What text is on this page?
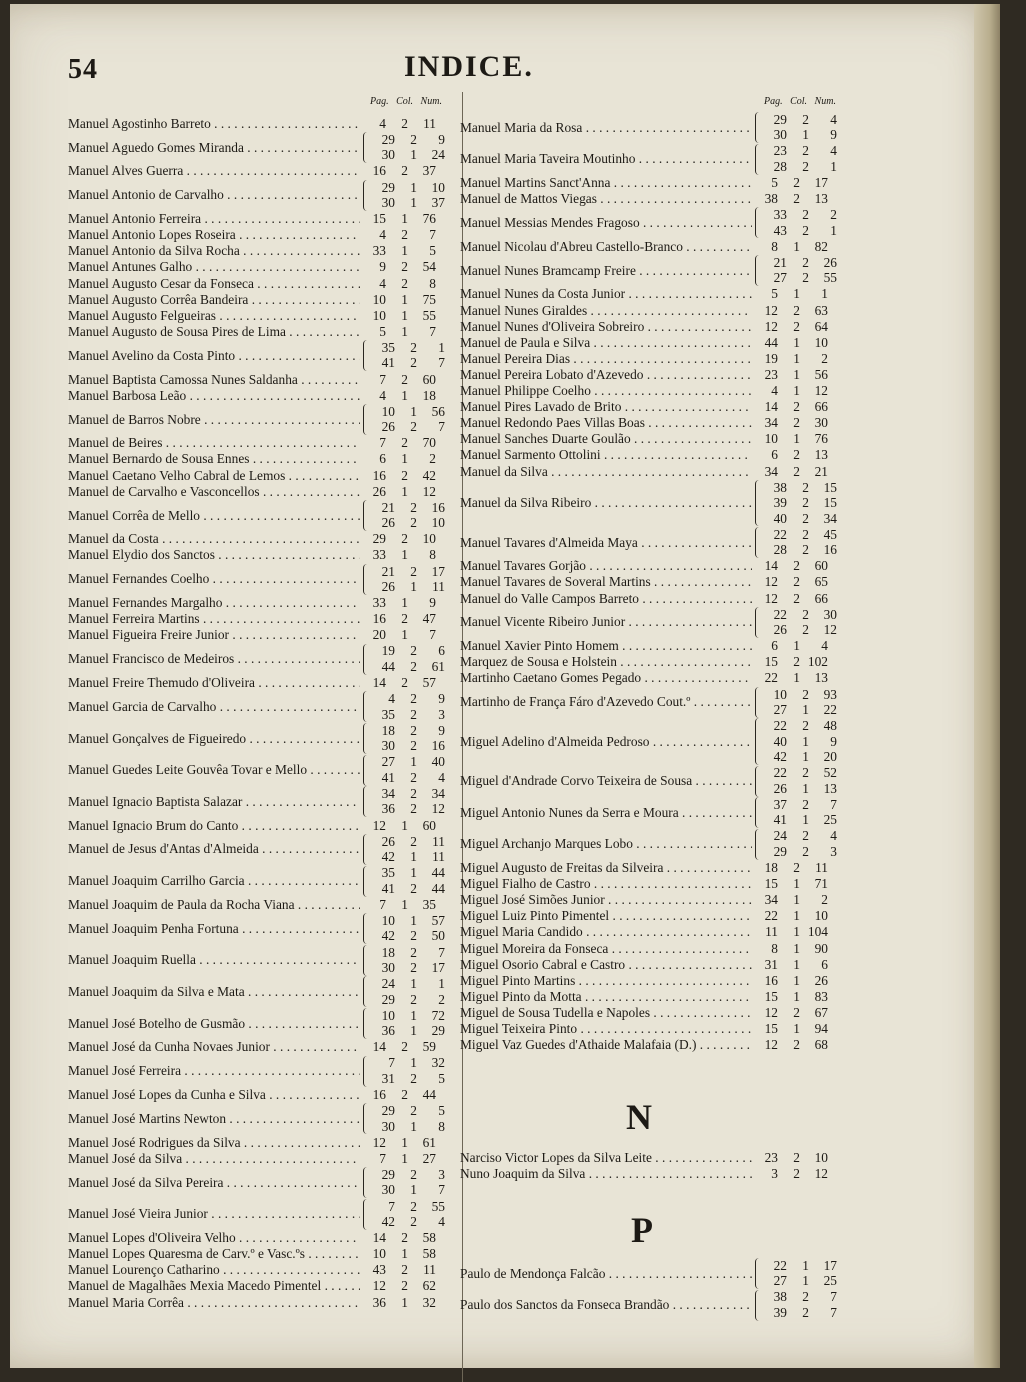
54	INDICE.
Pag. Col. Num.	Pag. Col. Num.
Manuel Agostinho Barreto . . .	4	2	11
Manuel Aguedo Gomes Miranda . . .
29	2	9
30	1	24
Manuel Alves Guerra . . .	16	2	37
Manuel Antonio de Carvalho . . .
29	1	10
30	1	37
Manuel Antonio Ferreira . . .	15	1	76
Manuel Antonio Lopes Roseira . . .	4	2	7
Manuel Antonio da Silva Rocha . . .	33	1	5
Manuel Antunes Galho . . .	9	2	54
Manuel Augusto Cesar da Fonseca . . .	4	2	8
Manuel Augusto Corrêa Bandeira . . .	10	1	75
Manuel Augusto Felgueiras . . .	10	1	55
Manuel Augusto de Sousa Pires de Lima . . .	5	1	7
Manuel Avelino da Costa Pinto . . .
35	2	1
41	2	7
Manuel Baptista Camossa Nunes Saldanha . . .	7	2	60
Manuel Barbosa Leão . . .	4	1	18
Manuel de Barros Nobre . . .
10	1	56
26	2	7
Manuel de Beires . . .	7	2	70
Manuel Bernardo de Sousa Ennes . . .	6	1	2
Manuel Caetano Velho Cabral de Lemos . . .	16	2	42
Manuel de Carvalho e Vasconcellos . . .	26	1	12
Manuel Corrêa de Mello . . .
21	2	16
26	2	10
Manuel da Costa . . .	29	2	10
Manuel Elydio dos Sanctos . . .	33	1	8
Manuel Fernandes Coelho . . .
21	2	17
26	1	11
Manuel Fernandes Margalho . . .	33	1	9
Manuel Ferreira Martins . . .	16	2	47
Manuel Figueira Freire Junior . . .	20	1	7
Manuel Francisco de Medeiros . . .
19	2	6
44	2	61
Manuel Freire Themudo d'Oliveira . . .	14	2	57
Manuel Garcia de Carvalho . . .
4	2	9
35	2	3
Manuel Gonçalves de Figueiredo . . .
18	2	9
30	2	16
Manuel Guedes Leite Gouvêa Tovar e Mello . . .
27	1	40
41	2	4
Manuel Ignacio Baptista Salazar . . .
34	2	34
36	2	12
Manuel Ignacio Brum do Canto . . .	12	1	60
Manuel de Jesus d'Antas d'Almeida . . .
26	2	11
42	1	11
Manuel Joaquim Carrilho Garcia . . .
35	1	44
41	2	44
Manuel Joaquim de Paula da Rocha Viana . . .	7	1	35
Manuel Joaquim Penha Fortuna . . .
10	1	57
42	2	50
Manuel Joaquim Ruella . . .
18	2	7
30	2	17
Manuel Joaquim da Silva e Mata . . .
24	1	1
29	2	2
Manuel José Botelho de Gusmão . . .
10	1	72
36	1	29
Manuel José da Cunha Novaes Junior . . .	14	2	59
Manuel José Ferreira . . .
7	1	32
31	2	5
Manuel José Lopes da Cunha e Silva . . .	16	2	44
Manuel José Martins Newton . . .
29	2	5
30	1	8
Manuel José Rodrigues da Silva . . .	12	1	61
Manuel José da Silva . . .	7	1	27
Manuel José da Silva Pereira . . .
29	2	3
30	1	7
Manuel José Vieira Junior . . .
7	2	55
42	2	4
Manuel Lopes d'Oliveira Velho . . .	14	2	58
Manuel Lopes Quaresma de Carv.º e Vasc.ºs . . .	10	1	58
Manuel Lourenço Catharino . . .	43	2	11
Manuel de Magalhães Mexia Macedo Pimentel . . .	12	2	62
Manuel Maria Corrêa . . .	36	1	32
Manuel Maria da Rosa . . .
29	2	4
30	1	9
Manuel Maria Taveira Moutinho . . .
23	2	4
28	2	1
Manuel Martins Sanct'Anna . . .	5	2	17
Manuel de Mattos Viegas . . .	38	2	13
Manuel Messias Mendes Fragoso . . .
33	2	2
43	2	1
Manuel Nicolau d'Abreu Castello-Branco . . .	8	1	82
Manuel Nunes Bramcamp Freire . . .
21	2	26
27	2	55
Manuel Nunes da Costa Junior . . .	5	1	1
Manuel Nunes Giraldes . . .	12	2	63
Manuel Nunes d'Oliveira Sobreiro . . .	12	2	64
Manuel de Paula e Silva . . .	44	1	10
Manuel Pereira Dias . . .	19	1	2
Manuel Pereira Lobato d'Azevedo . . .	23	1	56
Manuel Philippe Coelho . . .	4	1	12
Manuel Pires Lavado de Brito . . .	14	2	66
Manuel Redondo Paes Villas Boas . . .	34	2	30
Manuel Sanches Duarte Goulão . . .	10	1	76
Manuel Sarmento Ottolini . . .	6	2	13
Manuel da Silva . . .	34	2	21
Manuel da Silva Ribeiro . . .
38	2	15
39	2	15
40	2	34
Manuel Tavares d'Almeida Maya . . .
22	2	45
28	2	16
Manuel Tavares Gorjão . . .	14	2	60
Manuel Tavares de Soveral Martins . . .	12	2	65
Manuel do Valle Campos Barreto . . .	12	2	66
Manuel Vicente Ribeiro Junior . . .
22	2	30
26	2	12
Manuel Xavier Pinto Homem . . .	6	1	4
Marquez de Sousa e Holstein . . .	15	2 102
Martinho Caetano Gomes Pegado . . .	22	1	13
Martinho de França Fáro d'Azevedo Cout.º . . .
10	2	93
27	1	22
Miguel Adelino d'Almeida Pedroso . . .
22	2	48
40	1	9
42	1	20
Miguel d'Andrade Corvo Teixeira de Sousa . . .
22	2	52
26	1	13
Miguel Antonio Nunes da Serra e Moura . . .
37	2	7
41	1	25
Miguel Archanjo Marques Lobo . . .
24	2	4
29	2	3
Miguel Augusto de Freitas da Silveira . . .	18	2	11
Miguel Fialho de Castro . . .	15	1	71
Miguel José Simões Junior . . .	34	1	2
Miguel Luiz Pinto Pimentel . . .	22	1	10
Miguel Maria Candido . . .	11	1 104
Miguel Moreira da Fonseca . . .	8	1	90
Miguel Osorio Cabral e Castro . . .	31	1	6
Miguel Pinto Martins . . .	16	1	26
Miguel Pinto da Motta . . .	15	1	83
Miguel de Sousa Tudella e Napoles . . .	12	2	67
Miguel Teixeira Pinto . . .	15	1	94
Miguel Vaz Guedes d'Athaide Malafaia (D.) . . .	12	2	68
N
Narciso Victor Lopes da Silva Leite . . .	23	2	10
Nuno Joaquim da Silva . . .	3	2	12
P
Paulo de Mendonça Falcão . . .
22	1	17
27	1	25
Paulo dos Sanctos da Fonseca Brandão . . .
38	2	7
39	2	7
